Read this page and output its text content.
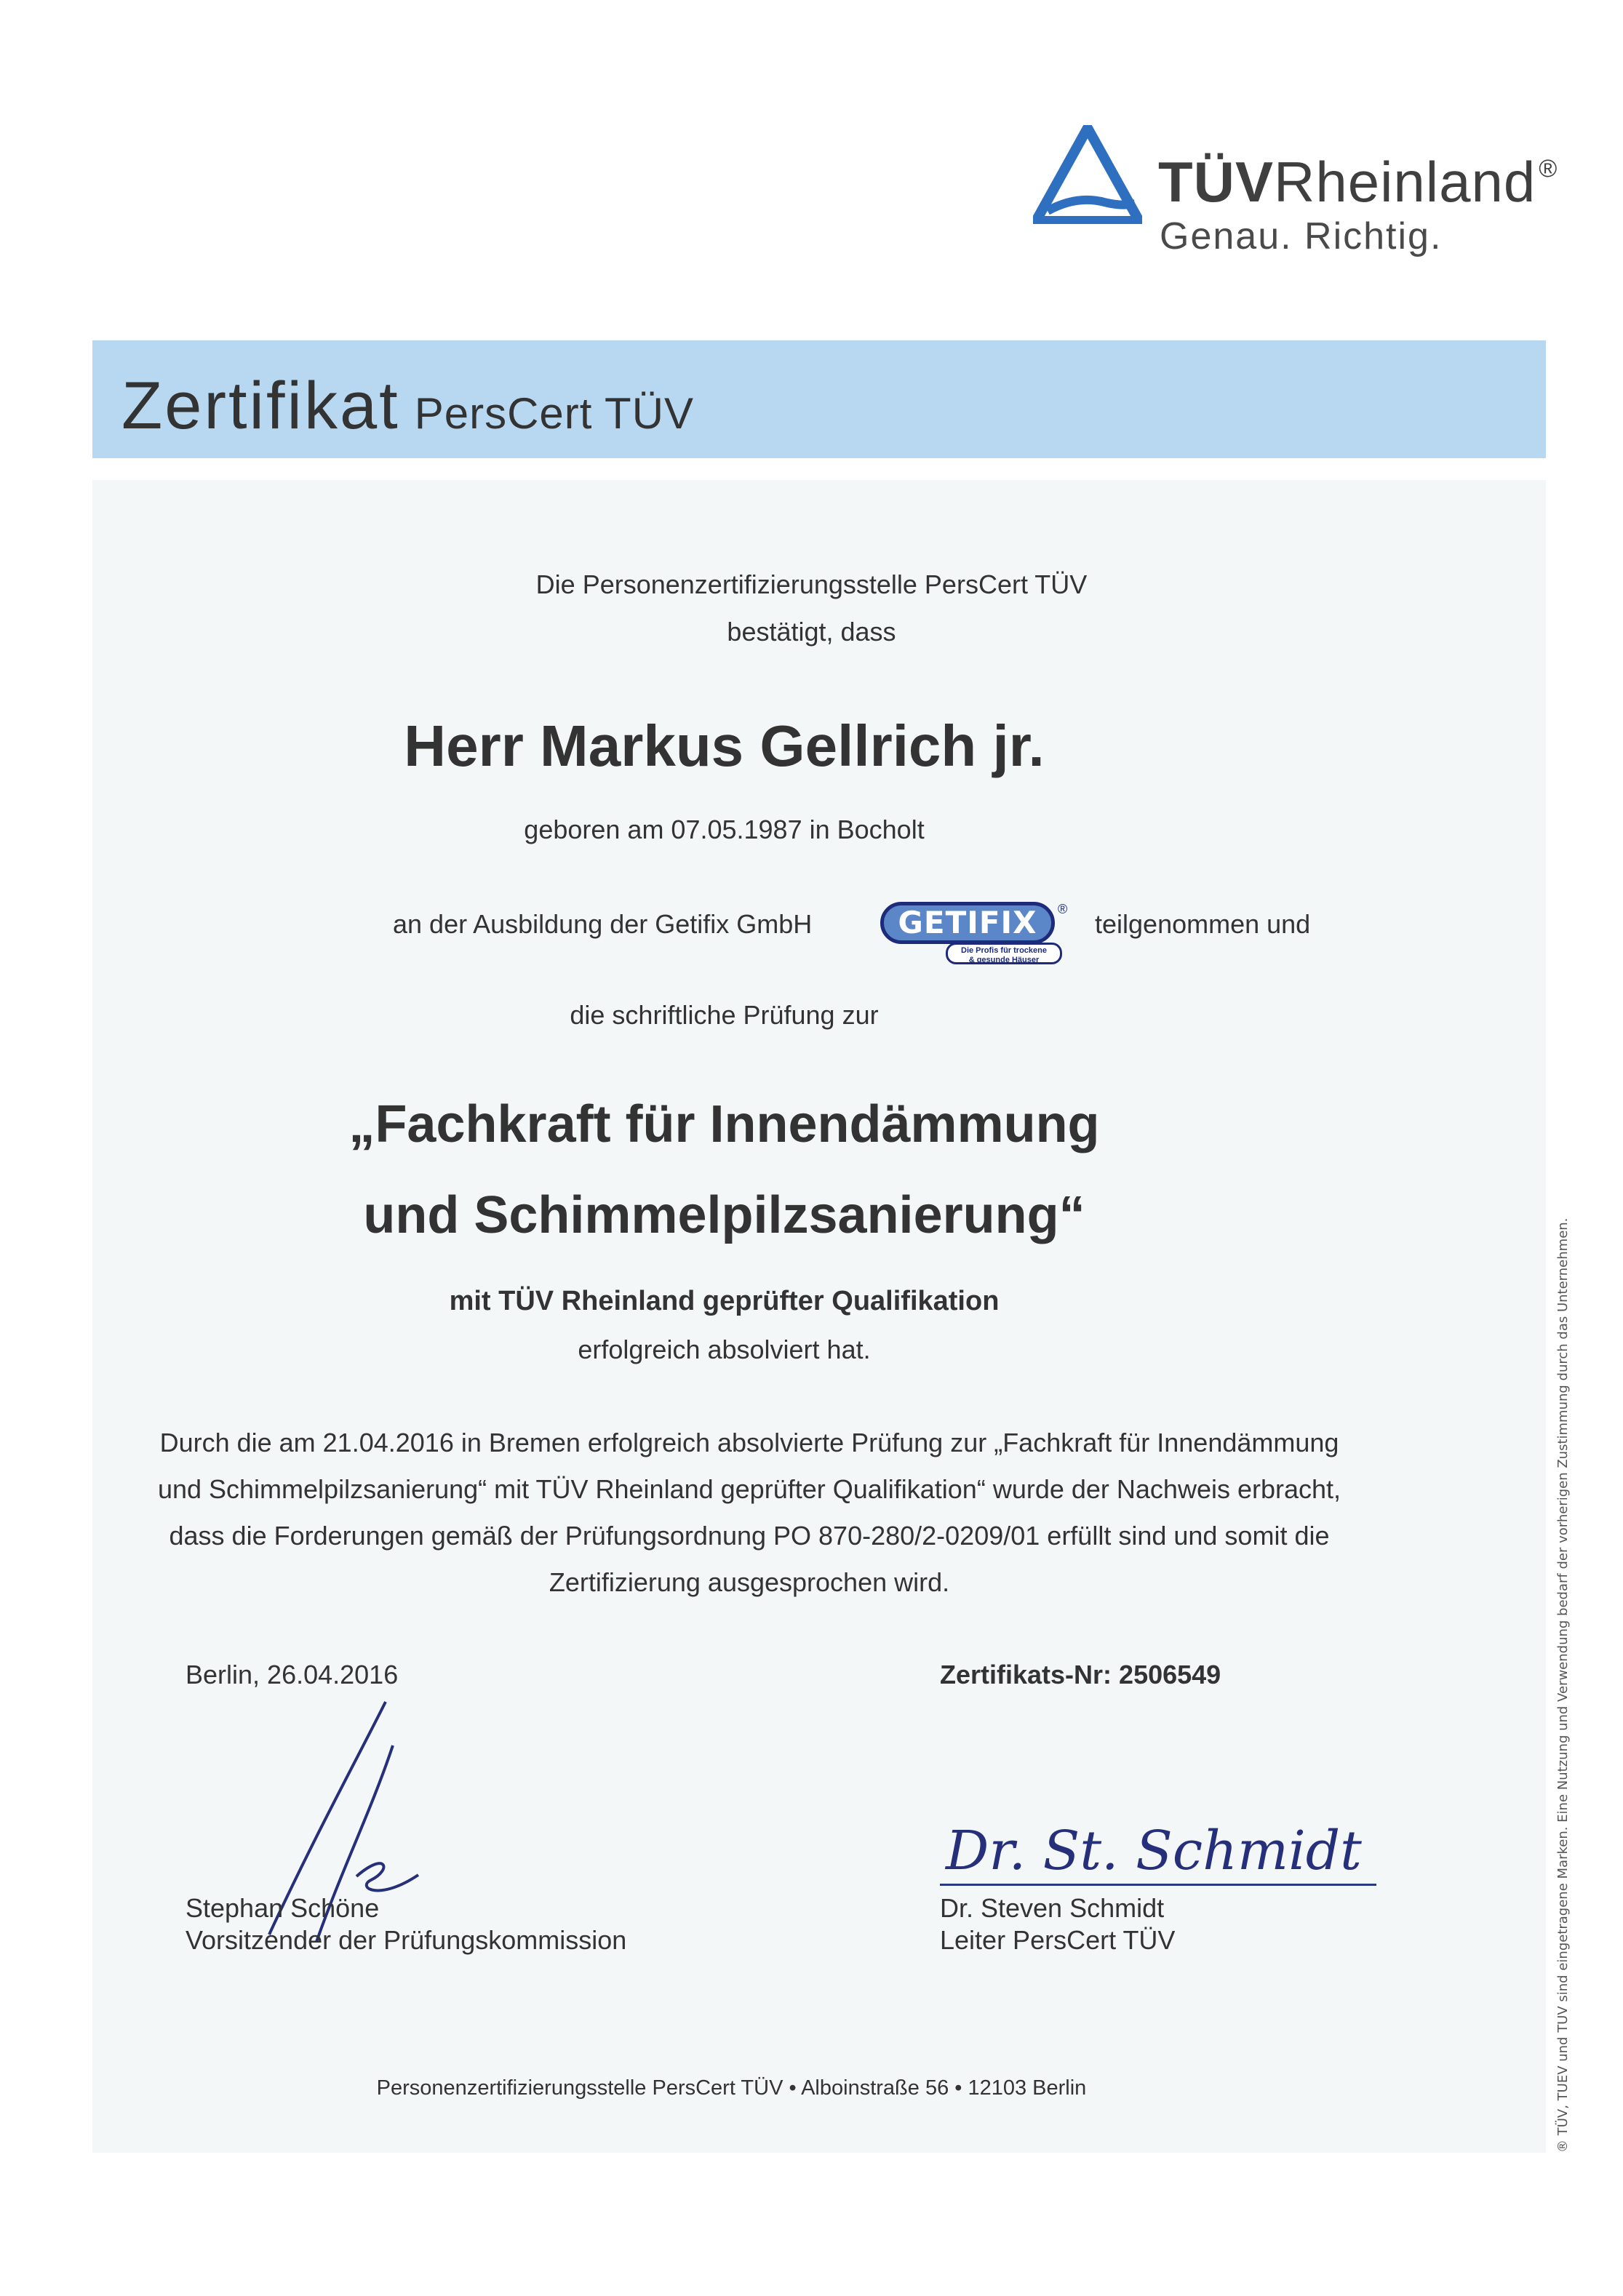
TÜVRheinland ®
Genau. Richtig.
Zertifikat PersCert TÜV
Die Personenzertifizierungsstelle PersCert TÜV
bestätigt, dass
Herr Markus Gellrich jr.
geboren am 07.05.1987 in Bocholt
an der Ausbildung der Getifix GmbH	GETIFIX
Die Profis für trockene
& gesunde Häuser
® teilgenommen und
die schriftliche Prüfung zur
„Fachkraft für Innendämmung
und Schimmelpilzsanierung“
mit TÜV Rheinland geprüfter Qualifikation
erfolgreich absolviert hat.
Durch die am 21.04.2016 in Bremen erfolgreich absolvierte Prüfung zur „Fachkraft für Innendämmung
und Schimmelpilzsanierung“ mit TÜV Rheinland geprüfter Qualifikation“ wurde der Nachweis erbracht,
dass die Forderungen gemäß der Prüfungsordnung PO 870-280/2-0209/01 erfüllt sind und somit die
Zertifizierung ausgesprochen wird.
Berlin, 26.04.2016	Zertifikats-Nr: 2506549
Stephan Schöne
Vorsitzender der Prüfungskommission
Dr. St. Schmidt
Dr. Steven Schmidt
Leiter PersCert TÜV
Personenzertifizierungsstelle PersCert TÜV • Alboinstraße 56 • 12103 Berlin	® TÜV, TUEV und TUV sind eingetragene Marken. Eine Nutzung und Verwendung bedarf der vorherigen Zustimmung durch das Unternehmen.
